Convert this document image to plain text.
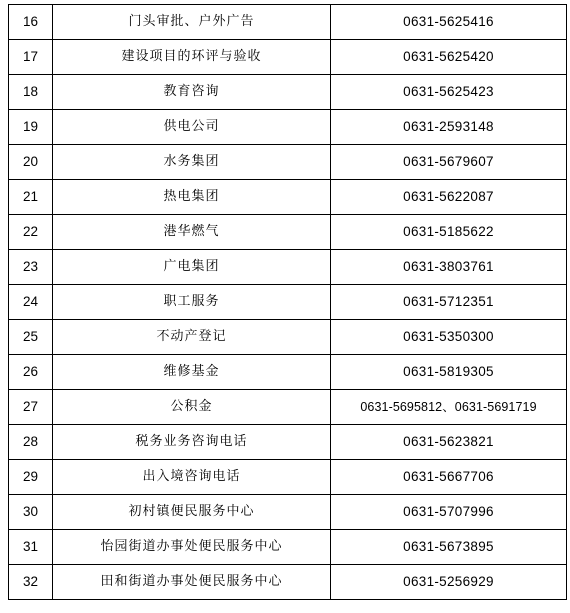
16	门头审批、户外广告	0631-5625416
17	建设项目的环评与验收	0631-5625420
18	教育咨询	0631-5625423
19	供电公司	0631-2593148
20	水务集团	0631-5679607
21	热电集团	0631-5622087
22	港华燃气	0631-5185622
23	广电集团	0631-3803761
24	职工服务	0631-5712351
25	不动产登记	0631-5350300
26	维修基金	0631-5819305
27	公积金	0631-5695812、0631-5691719
28	税务业务咨询电话	0631-5623821
29	出入境咨询电话	0631-5667706
30	初村镇便民服务中心	0631-5707996
31	怡园街道办事处便民服务中心	0631-5673895
32	田和街道办事处便民服务中心	0631-5256929
